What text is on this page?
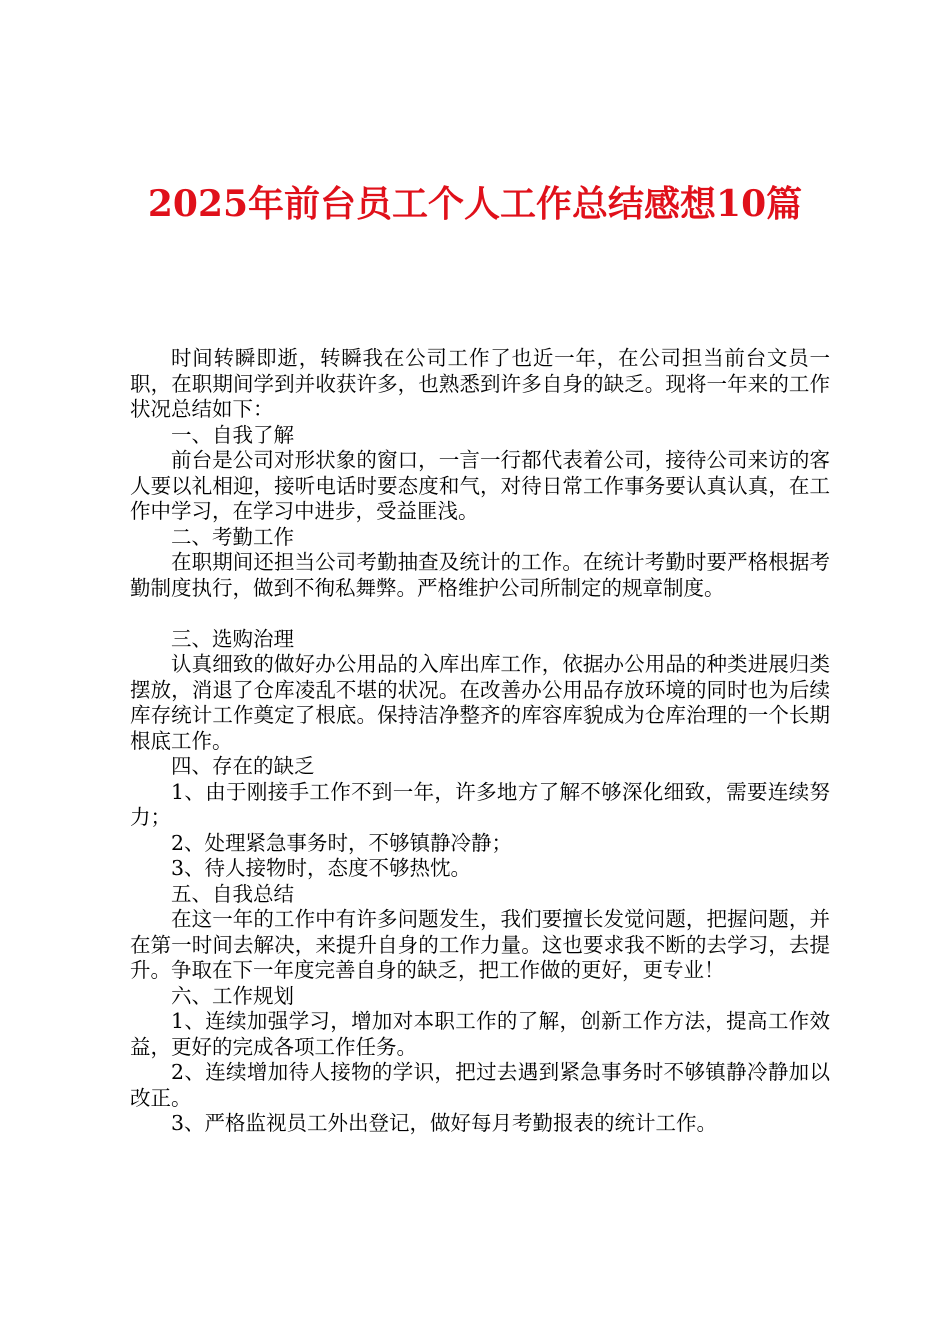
2025年前台员工个人工作总结感想10篇

时间转瞬即逝，转瞬我在公司工作了也近一年，在公司担当前台文员一职，在职期间学到并收获许多，也熟悉到许多自身的缺乏。现将一年来的工作状况总结如下：

一、自我了解

前台是公司对形状象的窗口，一言一行都代表着公司，接待公司来访的客人要以礼相迎，接听电话时要态度和气，对待日常工作事务要认真认真，在工作中学习，在学习中进步，受益匪浅。

二、考勤工作

在职期间还担当公司考勤抽查及统计的工作。在统计考勤时要严格根据考勤制度执行，做到不徇私舞弊。严格维护公司所制定的规章制度。

三、选购治理

认真细致的做好办公用品的入库出库工作，依据办公用品的种类进展归类摆放，消退了仓库凌乱不堪的状况。在改善办公用品存放环境的同时也为后续库存统计工作奠定了根底。保持洁净整齐的库容库貌成为仓库治理的一个长期根底工作。

四、存在的缺乏

1、由于刚接手工作不到一年，许多地方了解不够深化细致，需要连续努力；

2、处理紧急事务时，不够镇静冷静；

3、待人接物时，态度不够热忱。

五、自我总结

在这一年的工作中有许多问题发生，我们要擅长发觉问题，把握问题，并在第一时间去解决，来提升自身的工作力量。这也要求我不断的去学习，去提升。争取在下一年度完善自身的缺乏，把工作做的更好，更专业！

六、工作规划

1、连续加强学习，增加对本职工作的了解，创新工作方法，提高工作效益，更好的完成各项工作任务。

2、连续增加待人接物的学识，把过去遇到紧急事务时不够镇静冷静加以改正。

3、严格监视员工外出登记，做好每月考勤报表的统计工作。
